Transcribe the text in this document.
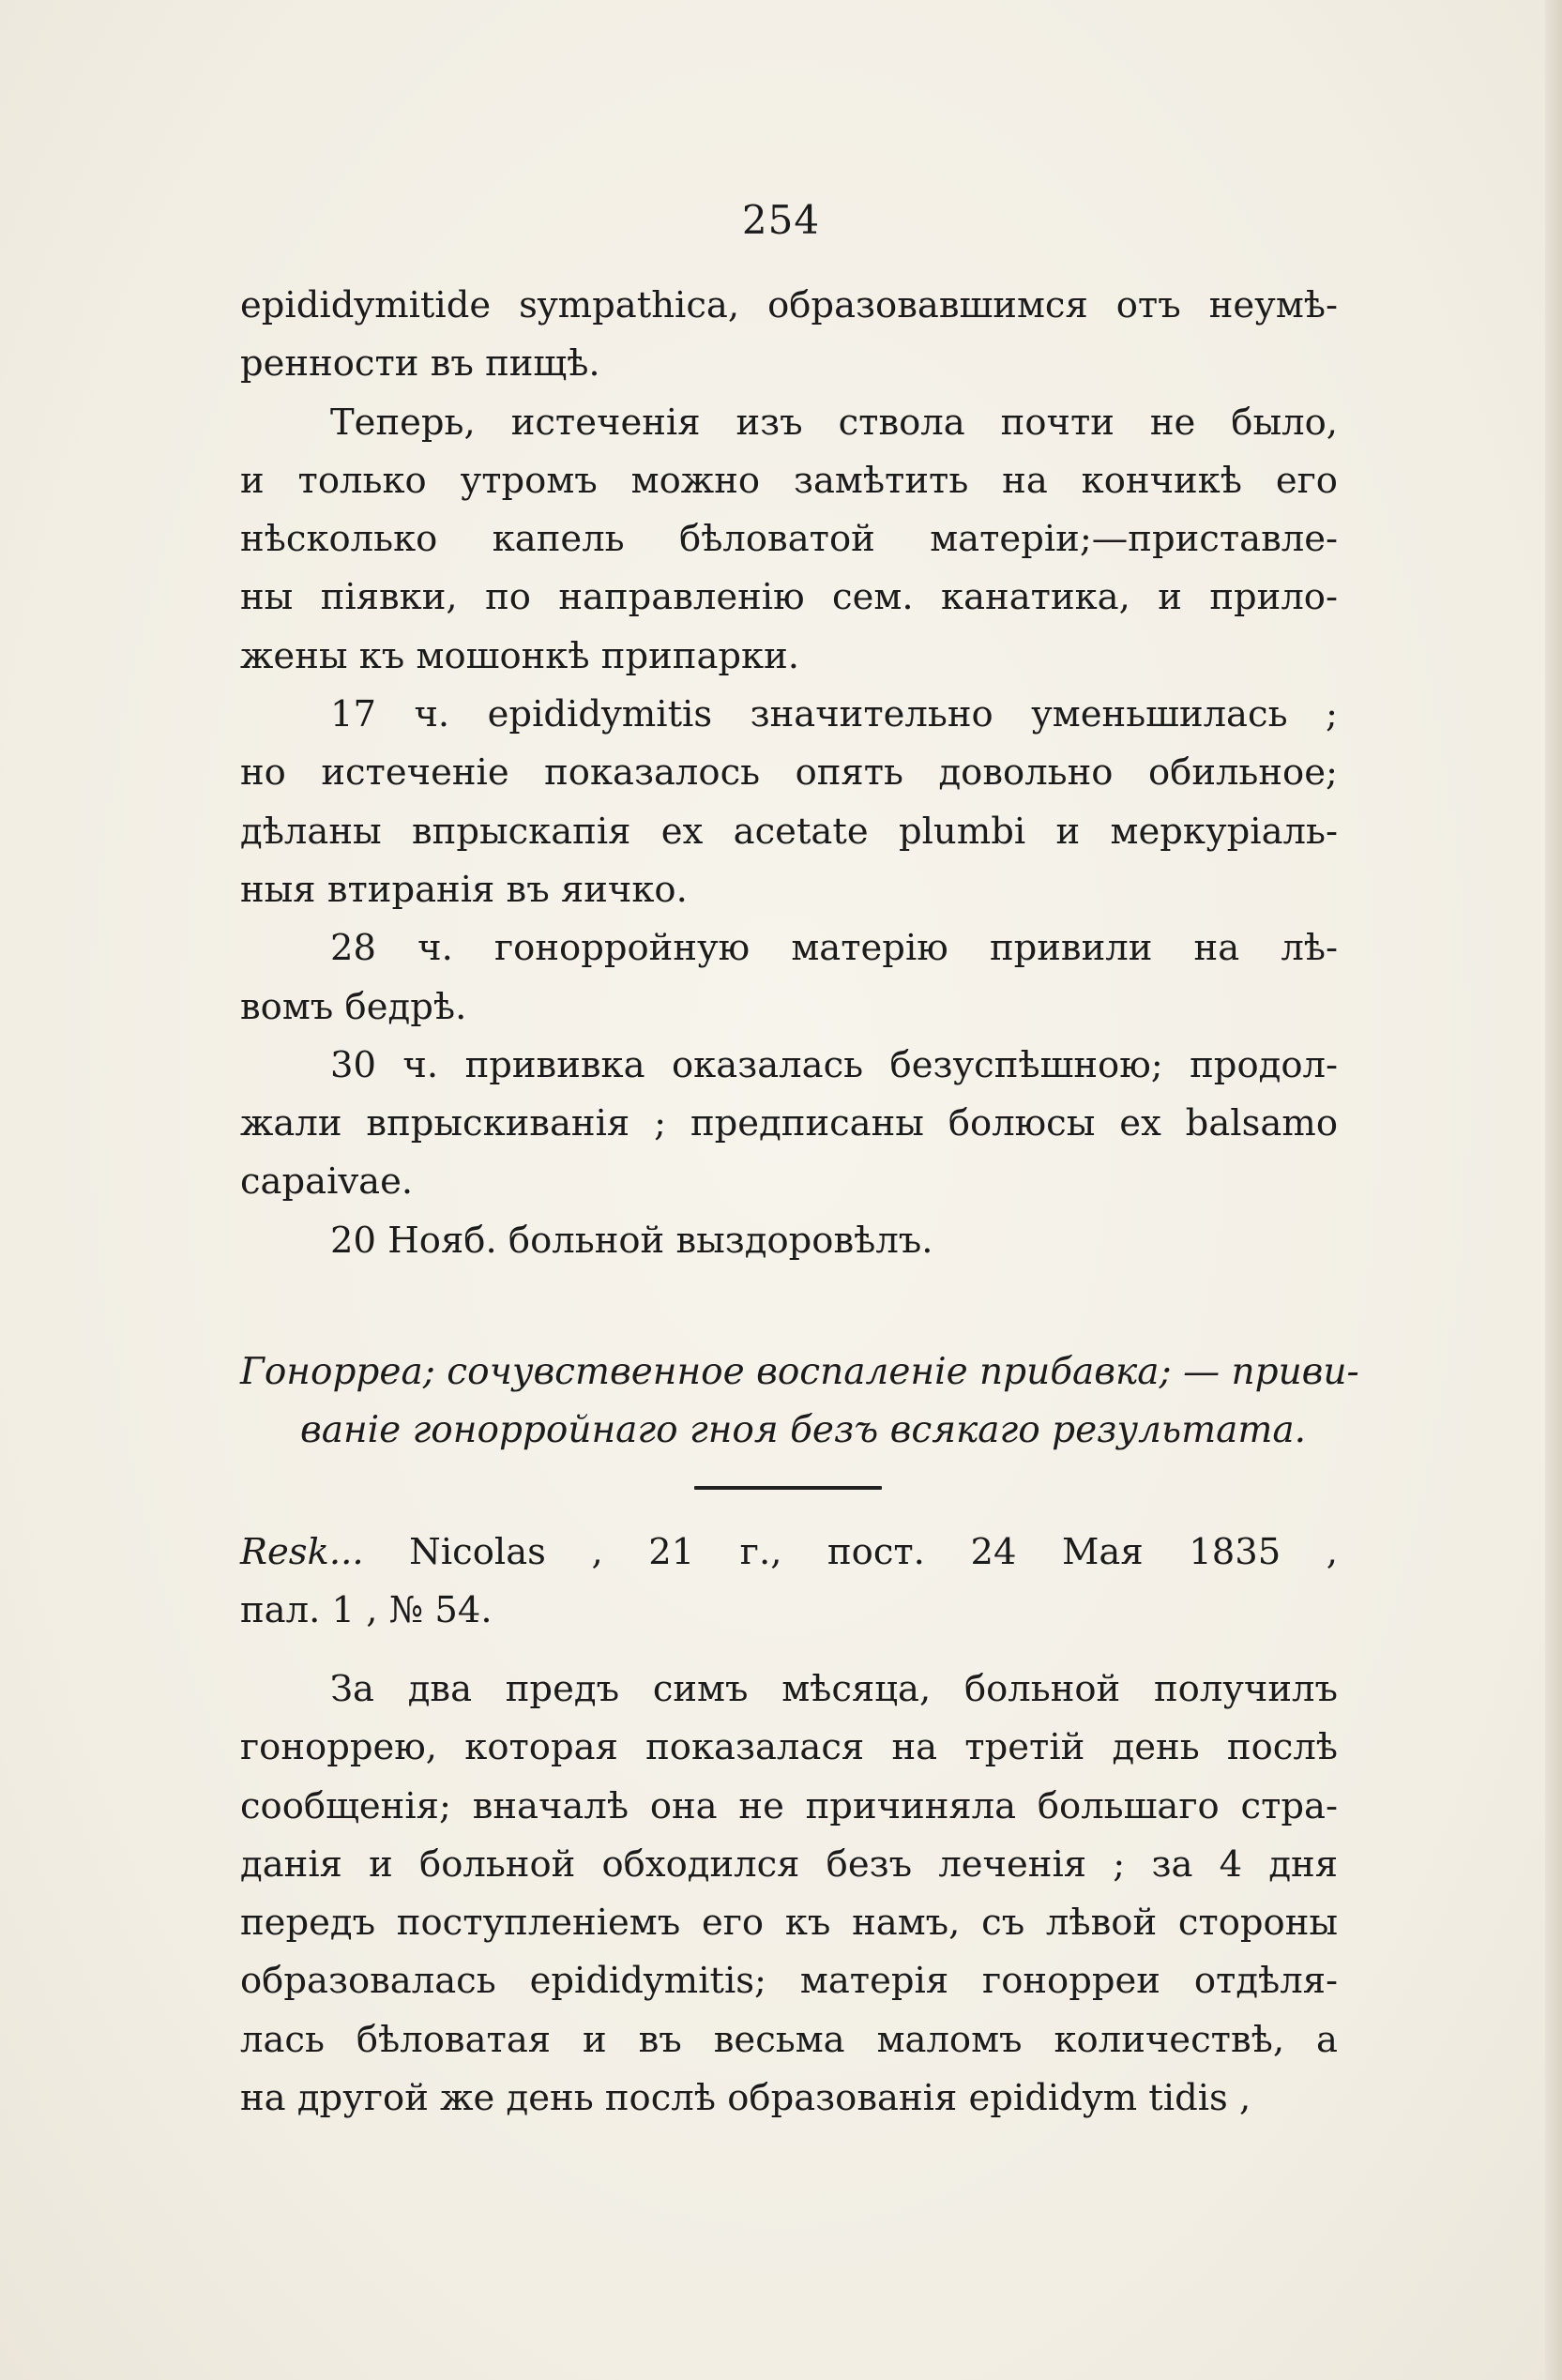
254
epididymitide sympathica, образовавшимся отъ неумѣ-
ренности въ пищѣ.
Теперь, истеченія изъ ствола почти не было,
и только утромъ можно замѣтить на кончикѣ его
нѣсколько капель бѣловатой матеріи;—приставле-
ны піявки, по направленію сем. канатика, и прило-
жены къ мошонкѣ припарки.
17 ч. epididymitis значительно уменьшилась ;
но истеченіе показалось опять довольно обильное;
дѣланы впрыскапія ex acetate plumbi и меркуріаль-
ныя втиранія въ яичко.
28 ч. гонорройную матерію привили на лѣ-
вомъ бедрѣ.
30 ч. прививка оказалась безуспѣшною; продол-
жали впрыскиванія ; предписаны болюсы ex balsamo
capaivae.
20 Нояб. больной выздоровѣлъ.
Гонорреа; сочувственное воспаленіе прибавка; — приви-
ваніе гонорройнаго гноя безъ всякаго результата.
Resk... Nicolas , 21 г., пост. 24 Мая 1835 ,
пал. 1 , № 54.
За два предъ симъ мѣсяца, больной получилъ
гоноррею, которая показалася на третій день послѣ
сообщенія; вначалѣ она не причиняла большаго стра-
данія и больной обходился безъ леченія ; за 4 дня
передъ поступленіемъ его къ намъ, съ лѣвой стороны
образовалась epididymitis; матерія гонорреи отдѣля-
лась бѣловатая и въ весьма маломъ количествѣ, а
на другой же день послѣ образованія epididym tidis ,
